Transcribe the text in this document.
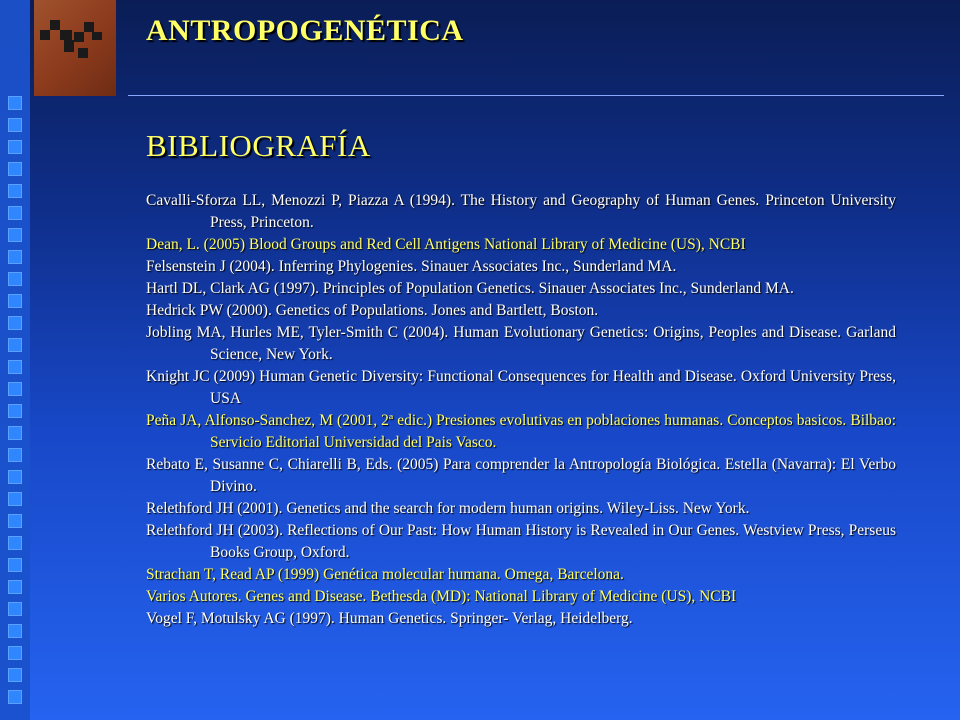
ANTROPOGENÉTICA
BIBLIOGRAFÍA
Cavalli-Sforza LL, Menozzi P, Piazza A (1994). The History and Geography of Human Genes. Princeton University Press, Princeton.
Dean, L. (2005) Blood Groups and Red Cell Antigens National Library of Medicine (US), NCBI
Felsenstein J (2004). Inferring Phylogenies. Sinauer Associates Inc., Sunderland MA.
Hartl DL, Clark AG (1997). Principles of Population Genetics. Sinauer Associates Inc., Sunderland MA.
Hedrick PW (2000). Genetics of Populations. Jones and Bartlett, Boston.
Jobling MA, Hurles ME, Tyler-Smith C (2004). Human Evolutionary Genetics: Origins, Peoples and Disease. Garland Science, New York.
Knight JC (2009) Human Genetic Diversity: Functional Consequences for Health and Disease. Oxford University Press, USA
Peña JA, Alfonso-Sanchez, M (2001, 2ª edic.) Presiones evolutivas en poblaciones humanas. Conceptos basicos. Bilbao: Servicio Editorial Universidad del Pais Vasco.
Rebato E, Susanne C, Chiarelli B, Eds. (2005) Para comprender la Antropología Biológica. Estella (Navarra): El Verbo Divino.
Relethford JH (2001). Genetics and the search for modern human origins. Wiley-Liss. New York.
Relethford JH (2003). Reflections of Our Past: How Human History is Revealed in Our Genes. Westview Press, Perseus Books Group, Oxford.
Strachan T, Read AP (1999) Genética molecular humana. Omega, Barcelona.
Varios Autores. Genes and Disease. Bethesda (MD): National Library of Medicine (US), NCBI
Vogel F, Motulsky AG (1997). Human Genetics. Springer- Verlag, Heidelberg.
